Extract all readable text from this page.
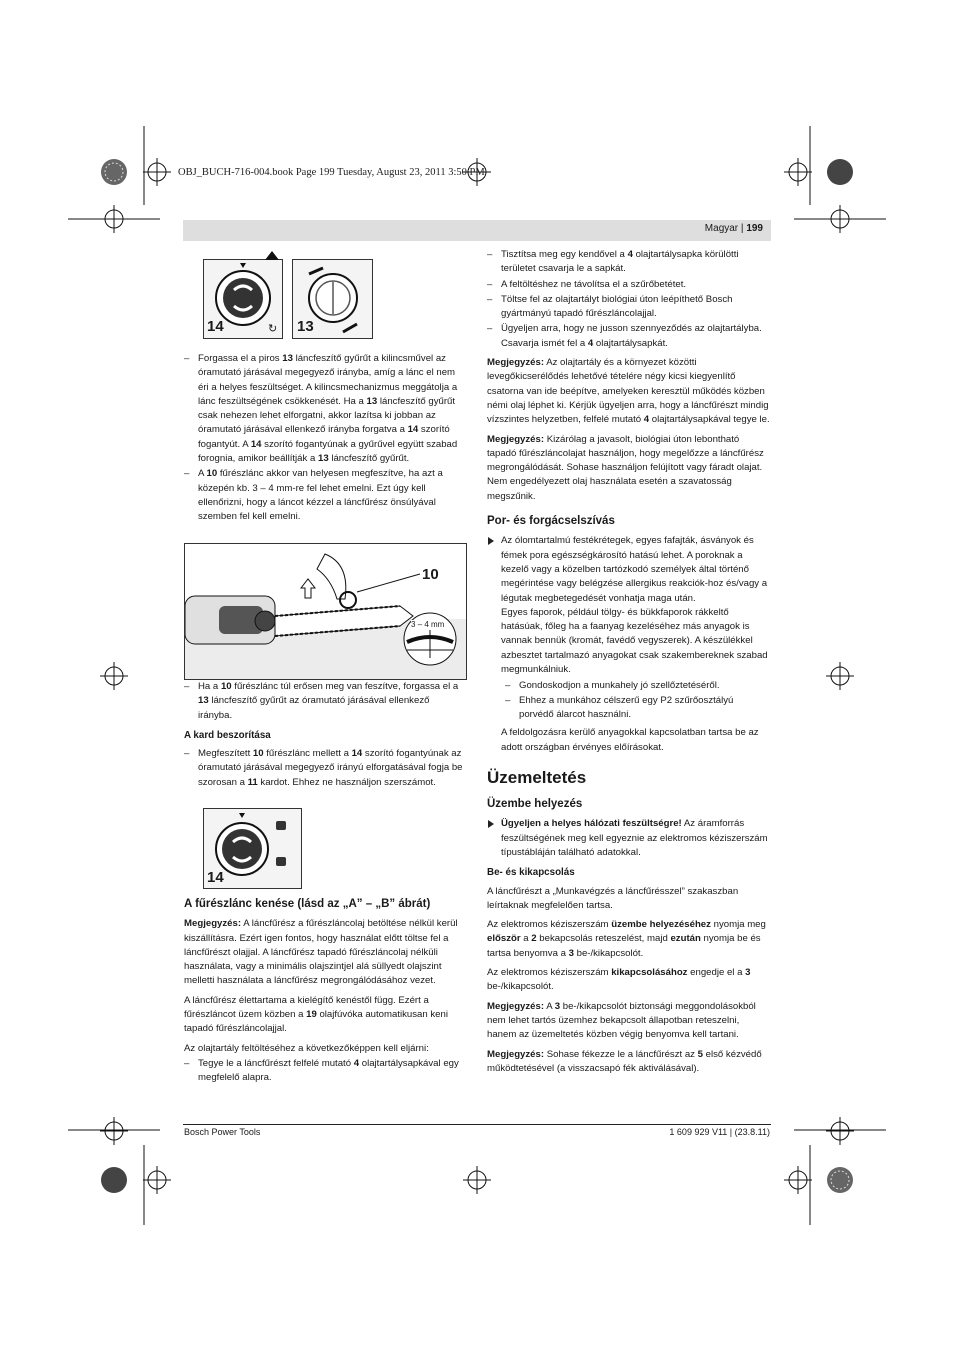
OBJ_BUCH-716-004.book Page 199 Tuesday, August 23, 2011 3:50 PM
Magyar | 199
14	↻ 13
10
3 – 4 mm
14
– Forgassa el a piros 13 láncfeszítő gyűrűt a kilincsművel az óramutató járásával megegyező irányba, amíg a lánc el nem éri a helyes feszültséget. A kilincsmechanizmus meggátolja a lánc feszültségének csökkenését. Ha a 13 láncfeszítő gyűrűt csak nehezen lehet elforgatni, akkor lazítsa ki jobban az óramutató járásával ellenkező irányba forgatva a 14 szorító fogantyút. A 14 szorító fogantyúnak a gyűrűvel együtt szabad forognia, amikor beállítják a 13 láncfeszítő gyűrűt.
– A 10 fűrészlánc akkor van helyesen megfeszítve, ha azt a közepén kb. 3 – 4 mm-re fel lehet emelni. Ezt úgy kell ellenőrizni, hogy a láncot kézzel a láncfűrész önsúlyával szemben fel kell emelni.
– Ha a 10 fűrészlánc túl erősen meg van feszítve, forgassa el a 13 láncfeszítő gyűrűt az óramutató járásával ellenkező irányba.
A kard beszorítása
– Megfeszített 10 fűrészlánc mellett a 14 szorító fogantyúnak az óramutató járásával megegyező irányú elforgatásával fogja be szorosan a 11 kardot. Ehhez ne használjon szerszámot.
A fűrészlánc kenése (lásd az „A” – „B” ábrát)

Megjegyzés: A láncfűrész a fűrészláncolaj betöltése nélkül kerül kiszállításra. Ezért igen fontos, hogy használat előtt töltse fel a láncfűrészt olajjal. A láncfűrész tapadó fűrészláncolaj nélküli használata, vagy a minimális olajszintjel alá süllyedt olajszint melletti használata a láncfűrész megrongálódásához vezet.

A láncfűrész élettartama a kielégítő kenéstől függ. Ezért a fűrészláncot üzem közben a 19 olajfúvóka automatikusan keni tapadó fűrészláncolajjal.

Az olajtartály feltöltéséhez a következőképpen kell eljárni:

– Tegye le a láncfűrészt felfelé mutató 4 olajtartálysapkával egy megfelelő alapra.
– Tisztítsa meg egy kendővel a 4 olajtartálysapka körülötti területet csavarja le a sapkát.
– A feltöltéshez ne távolítsa el a szűrőbetétet.
– Töltse fel az olajtartályt biológiai úton leépíthető Bosch gyártmányú tapadó fűrészláncolajjal.
– Ügyeljen arra, hogy ne jusson szennyeződés az olajtartályba. Csavarja ismét fel a 4 olajtartálysapkát.

Megjegyzés: Az olajtartály és a környezet közötti levegőkicserélődés lehetővé tételére négy kicsi kiegyenlítő csatorna van ide beépítve, amelyeken keresztül működés közben némi olaj léphet ki. Kérjük ügyeljen arra, hogy a láncfűrészt mindig vízszintes helyzetben, felfelé mutató 4 olajtartálysapkával tegye le.

Megjegyzés: Kizárólag a javasolt, biológiai úton lebontható tapadó fűrészláncolajat használjon, hogy megelőzze a láncfűrész megrongálódását. Sohase használjon felújított vagy fáradt olajat. Nem engedélyezett olaj használata esetén a szavatosság megszűnik.

Por- és forgácselszívás
Az ólomtartalmú festékrétegek, egyes fafajták, ásványok és fémek pora egészségkárosító hatású lehet. A poroknak a kezelő vagy a közelben tartózkodó személyek által történő megérintése vagy belégzése allergikus reakciók-hoz és/vagy a légutak megbetegedését vonhatja maga után.
Egyes faporok, például tölgy- és bükkfaporok rákkeltő hatásúak, főleg ha a faanyag kezeléséhez más anyagok is vannak bennük (kromát, favédő vegyszerek). A készülékkel azbesztet tartalmazó anyagokat csak szakembereknek szabad megmunkálniuk.
– Gondoskodjon a munkahely jó szellőztetéséről.
– Ehhez a munkához célszerű egy P2 szűrőosztályú porvédő álarcot használni.
A feldolgozásra kerülő anyagokkal kapcsolatban tartsa be az adott országban érvényes előírásokat.
Üzemeltetés
Üzembe helyezés
Ügyeljen a helyes hálózati feszültségre! Az áramforrás feszültségének meg kell egyeznie az elektromos kéziszerszám típustábláján található adatokkal.
Be- és kikapcsolás

A láncfűrészt a „Munkavégzés a láncfűrésszel” szakaszban leírtaknak megfelelően tartsa.

Az elektromos kéziszerszám üzembe helyezéséhez nyomja meg először a 2 bekapcsolás reteszelést, majd ezután nyomja be és tartsa benyomva a 3 be-/kikapcsolót.

Az elektromos kéziszerszám kikapcsolásához engedje el a 3 be-/kikapcsolót.

Megjegyzés: A 3 be-/kikapcsolót biztonsági meggondolásokból nem lehet tartós üzemhez bekapcsolt állapotban reteszelni, hanem az üzemeltetés közben végig benyomva kell tartani.

Megjegyzés: Sohase fékezze le a láncfűrészt az 5 első kézvédő működtetésével (a visszacsapó fék aktiválásával).

Bosch Power Tools	1 609 929 V11 | (23.8.11)
